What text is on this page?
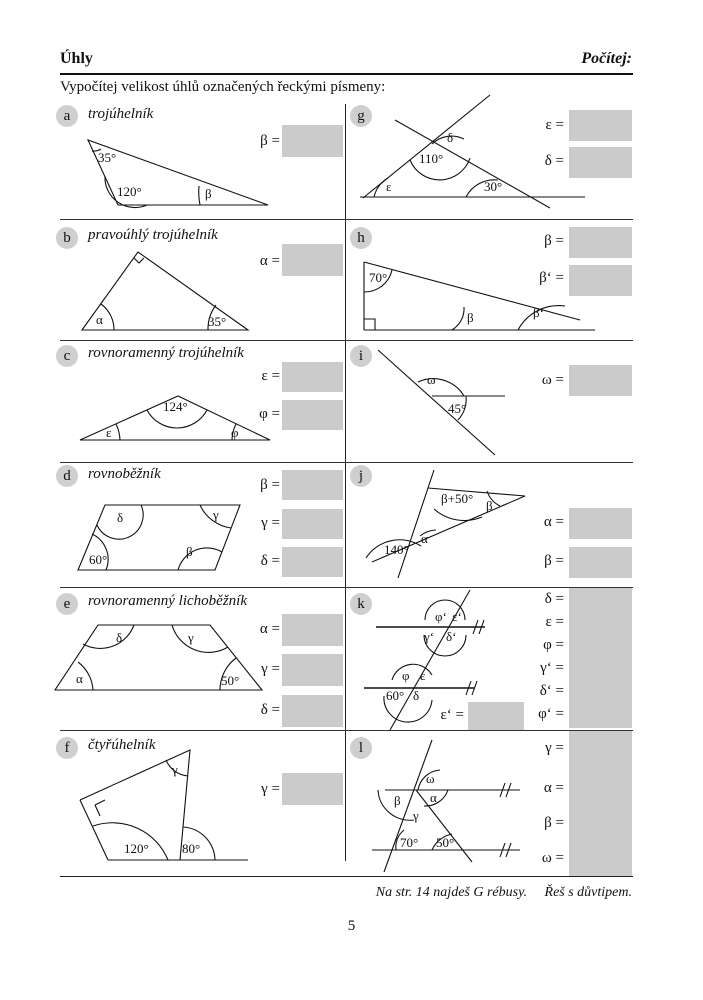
Úhly	Počítej:
Vypočítej velikost úhlů označených řeckými písmeny:
35°
120°	β
α	35°
124°
ε	φ
δ	γ
60°
β
δ	γ
α	50°
γ
120°	80°
δ
110°
ε	30°
70°
β	β‘
ω
45°
β+50° β
140°
α
φ‘ ε‘
γ‘ δ‘
φ ε
60° δ
ω
β α
γ
70° 50°
a	trojúhelník
β =
b	pravoúhlý trojúhelník
α =
c	rovnoramenný trojúhelník
ε =
φ =
d	rovnoběžník
β =
γ =
δ =
e	rovnoramenný lichoběžník
α =
γ =
δ =
f	čtyřúhelník
γ =
g
ε =
δ =
h	β =
β‘ =
i
ω =
j
α =
β =
k	δ =
ε =
φ =
γ‘ =
δ‘ =
φ‘ =
ε‘ =
l	γ =
α =
β =
ω =
Na str. 14 najdeš G rébusy.     Řeš s důvtipem.
5
